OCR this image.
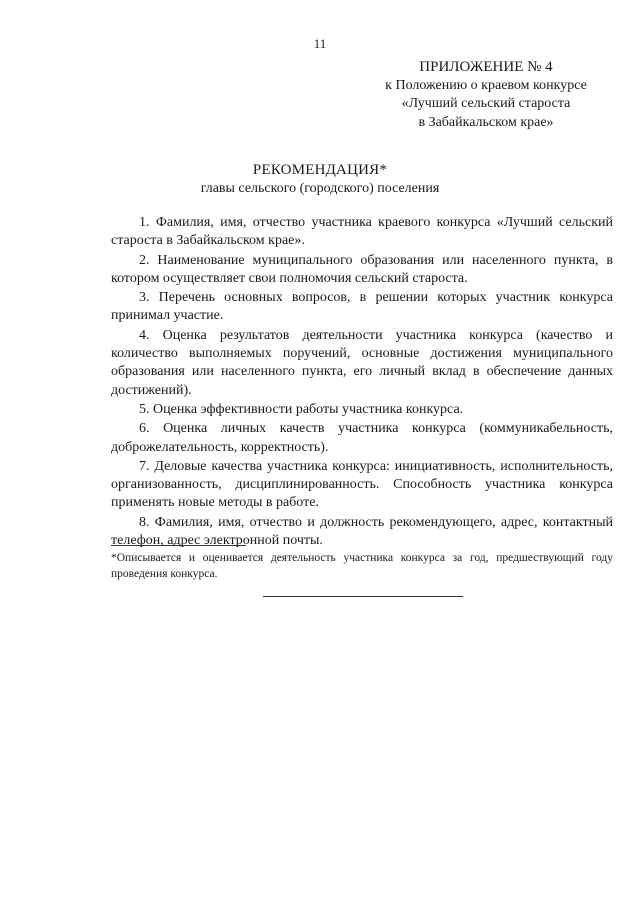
11
ПРИЛОЖЕНИЕ № 4
к Положению о краевом конкурсе
«Лучший сельский староста
в Забайкальском крае»
РЕКОМЕНДАЦИЯ*
главы сельского (городского) поселения

1. Фамилия, имя, отчество участника краевого конкурса «Лучший сельский староста в Забайкальском крае».

2. Наименование муниципального образования или населенного пункта, в котором осуществляет свои полномочия сельский староста.

3. Перечень основных вопросов, в решении которых участник конкурса принимал участие.

4. Оценка результатов деятельности участника конкурса (качество и количество выполняемых поручений, основные достижения муниципального образования или населенного пункта, его личный вклад в обеспечение данных достижений).

5. Оценка эффективности работы участника конкурса.

6. Оценка личных качеств участника конкурса (коммуникабельность, доброжелательность, корректность).

7. Деловые качества участника конкурса: инициативность, исполнительность, организованность, дисциплинированность. Способность участника конкурса применять новые методы в работе.

8. Фамилия, имя, отчество и должность рекомендующего, адрес, контактный телефон, адрес электронной почты.

*Описывается и оценивается деятельность участника конкурса за год, предшествующий году проведения конкурса.
